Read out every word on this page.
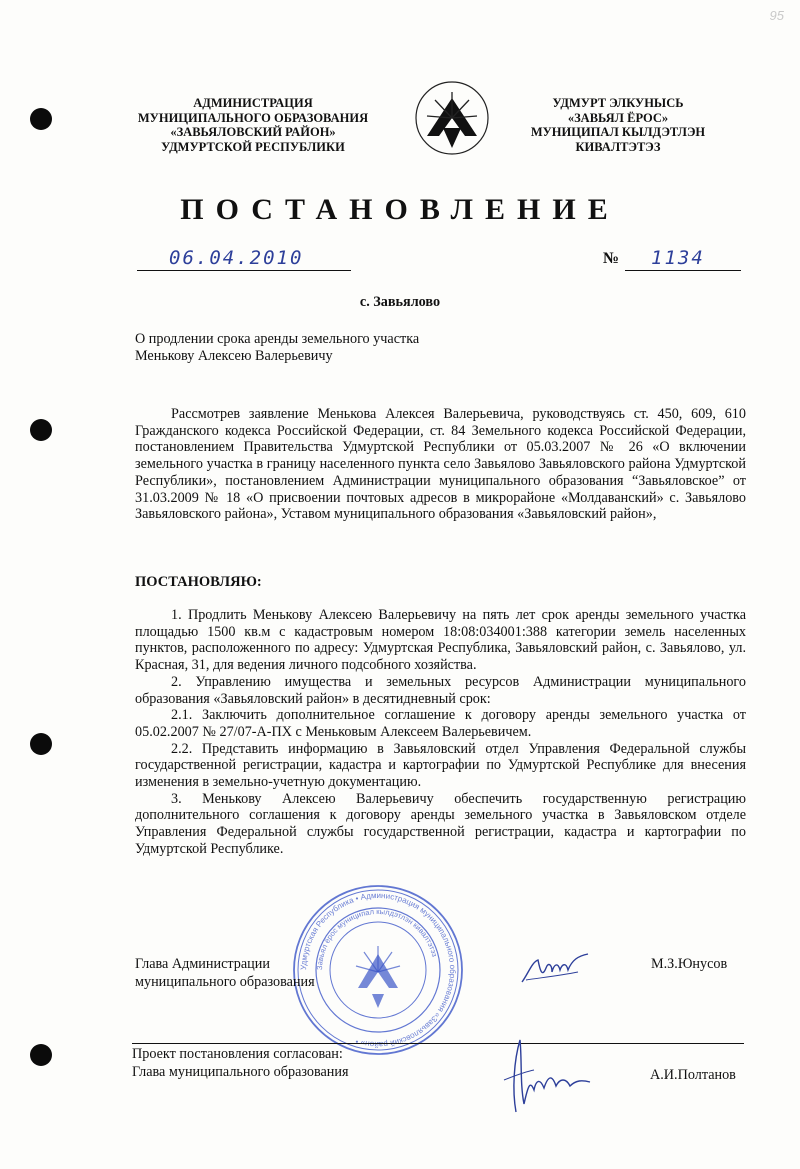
95
АДМИНИСТРАЦИЯ
МУНИЦИПАЛЬНОГО ОБРАЗОВАНИЯ
«ЗАВЬЯЛОВСКИЙ РАЙОН»
УДМУРТСКОЙ РЕСПУБЛИКИ
УДМУРТ ЭЛКУНЫСЬ
«ЗАВЬЯЛ ЁРОС»
МУНИЦИПАЛ КЫЛДЭТЛЭН
КИВАЛТЭТЭЗ
ПОСТАНОВЛЕНИЕ
06.04.2010	№ 1134
с. Завьялово
О продлении срока аренды земельного участка
Менькову Алексею Валерьевичу
Рассмотрев заявление Менькова Алексея Валерьевича, руководствуясь ст. 450, 609, 610 Гражданского кодекса Российской Федерации, ст. 84 Земельного кодекса Российской Федерации, постановлением Правительства Удмуртской Республики от 05.03.2007 № 26 «О включении земельного участка в границу населенного пункта село Завьялово Завьяловского района Удмуртской Республики», постановлением Администрации муниципального образования “Завьяловское” от 31.03.2009 № 18 «О присвоении почтовых адресов в микрорайоне «Молдаванский» с. Завьялово Завьяловского района», Уставом муниципального образования «Завьяловский район»,
ПОСТАНОВЛЯЮ:
1. Продлить Менькову Алексею Валерьевичу на пять лет срок аренды земельного участка площадью 1500 кв.м с кадастровым номером 18:08:034001:388 категории земель населенных пунктов, расположенного по адресу: Удмуртская Республика, Завьяловский район, с. Завьялово, ул. Красная, 31, для ведения личного подсобного хозяйства.
2. Управлению имущества и земельных ресурсов Администрации муниципального образования «Завьяловский район» в десятидневный срок:
2.1. Заключить дополнительное соглашение к договору аренды земельного участка от 05.02.2007 № 27/07-А-ПХ с Меньковым Алексеем Валерьевичем.
2.2. Представить информацию в Завьяловский отдел Управления Федеральной службы государственной регистрации, кадастра и картографии по Удмуртской Республике для внесения изменения в земельно-учетную документацию.
3. Менькову Алексею Валерьевичу обеспечить государственную регистрацию дополнительного соглашения к договору аренды земельного участка в Завьяловском отделе Управления Федеральной службы государственной регистрации, кадастра и картографии по Удмуртской Республике.
Удмуртская Республика • Администрация муниципального образования «Завьяловский район» •
Завьял ёрос муниципал кылдэтлэн кивалтэтэз
Глава Администрации
муниципального образования
М.З.Юнусов
Проект постановления согласован:
Глава муниципального образования	А.И.Полтанов
